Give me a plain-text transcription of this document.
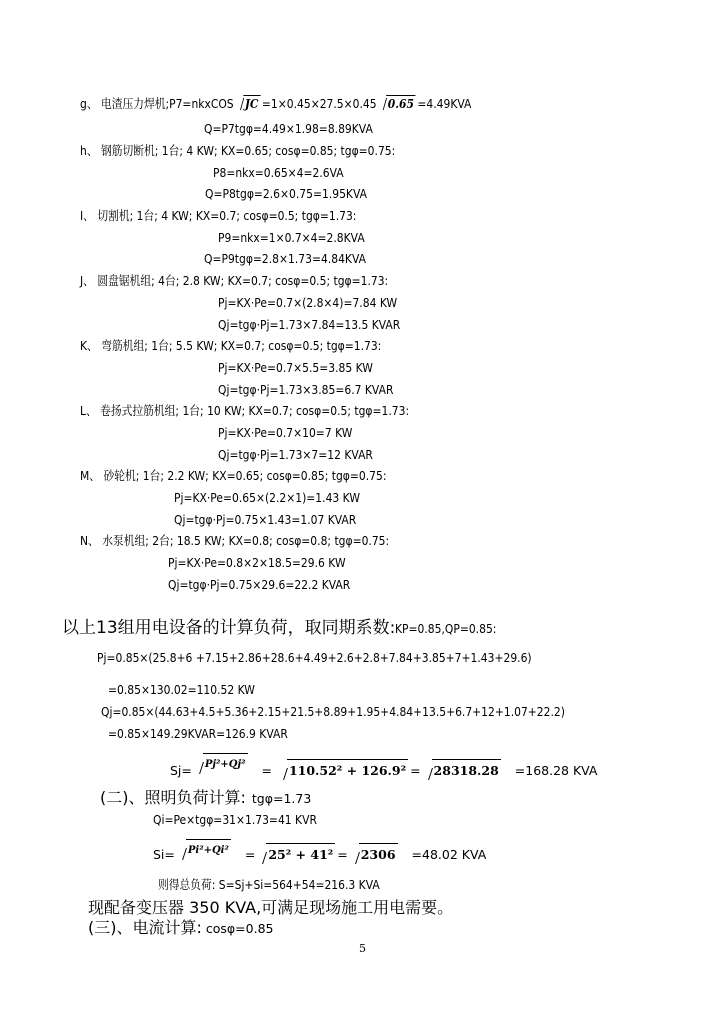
g、 电渣压力焊机;P7=nkxCOS JC =1×0.45×27.5×0.45 0.65 =4.49KVA
Q=P7tgφ=4.49×1.98=8.89KVA
h、 钢筋切断机; 1台; 4 KW; KX=0.65; cosφ=0.85; tgφ=0.75:
P8=nkx=0.65×4=2.6VA
Q=P8tgφ=2.6×0.75=1.95KVA
I、 切割机; 1台; 4 KW; KX=0.7; cosφ=0.5; tgφ=1.73:
P9=nkx=1×0.7×4=2.8KVA
Q=P9tgφ=2.8×1.73=4.84KVA
J、 圆盘锯机组; 4台; 2.8 KW; KX=0.7; cosφ=0.5; tgφ=1.73:
Pj=KX·Pe=0.7×(2.8×4)=7.84 KW
Qj=tgφ·Pj=1.73×7.84=13.5 KVAR
K、 弯筋机组; 1台; 5.5 KW; KX=0.7; cosφ=0.5; tgφ=1.73:
Pj=KX·Pe=0.7×5.5=3.85 KW
Qj=tgφ·Pj=1.73×3.85=6.7 KVAR
L、 卷扬式拉筋机组; 1台; 10 KW; KX=0.7; cosφ=0.5; tgφ=1.73:
Pj=KX·Pe=0.7×10=7 KW
Qj=tgφ·Pj=1.73×7=12 KVAR
M、 砂轮机; 1台; 2.2 KW; KX=0.65; cosφ=0.85; tgφ=0.75:
Pj=KX·Pe=0.65×(2.2×1)=1.43 KW
Qj=tgφ·Pj=0.75×1.43=1.07 KVAR
N、 水泵机组; 2台; 18.5 KW; KX=0.8; cosφ=0.8; tgφ=0.75:
Pj=KX·Pe=0.8×2×18.5=29.6 KW
Qj=tgφ·Pj=0.75×29.6=22.2 KVAR
以上13组用电设备的计算负荷，取同期系数:KP=0.85,QP=0.85:
Pj=0.85×(25.8+6 +7.15+2.86+28.6+4.49+2.6+2.8+7.84+3.85+7+1.43+29.6)
=0.85×130.02=110.52 KW
Qj=0.85×(44.63+4.5+5.36+2.15+21.5+8.89+1.95+4.84+13.5+6.7+12+1.07+22.2)
=0.85×149.29KVAR=126.9 KVAR
Sj= Pj²+Qj² = 110.52² + 126.9² = 28318.28 =168.28 KVA
(二)、照明负荷计算: tgφ=1.73
Qi=Pe×tgφ=31×1.73=41 KVR
Si= Pi²+Qi² = 25² + 41² = 2306 =48.02 KVA
则得总负荷: S=Sj+Si=564+54=216.3 KVA
现配备变压器 350 KVA,可满足现场施工用电需要。
(三)、电流计算: cosφ=0.85
5
